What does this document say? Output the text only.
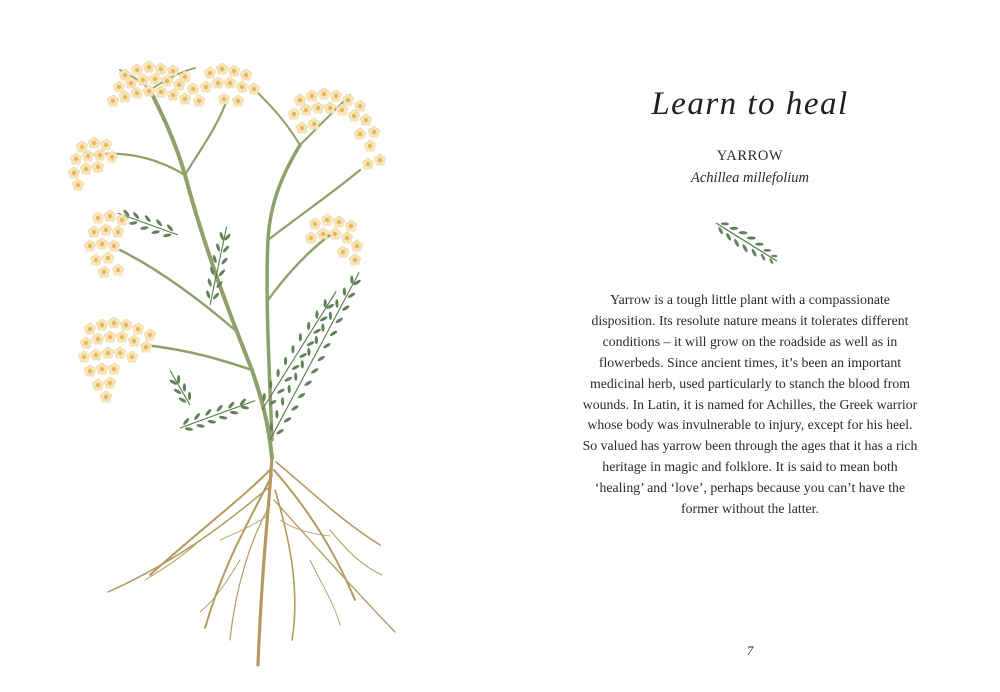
Learn to heal
YARROW
Achillea millefolium

Yarrow is a tough little plant with a compassionate disposition. Its resolute nature means it tolerates different conditions – it will grow on the roadside as well as in flowerbeds. Since ancient times, it’s been an important medicinal herb, used particularly to stanch the blood from wounds. In Latin, it is named for Achilles, the Greek warrior whose body was invulnerable to injury, except for his heel. So valued has yarrow been through the ages that it has a rich heritage in magic and folklore. It is said to mean both ‘healing’ and ‘love’, perhaps because you can’t have the former without the latter.

7
